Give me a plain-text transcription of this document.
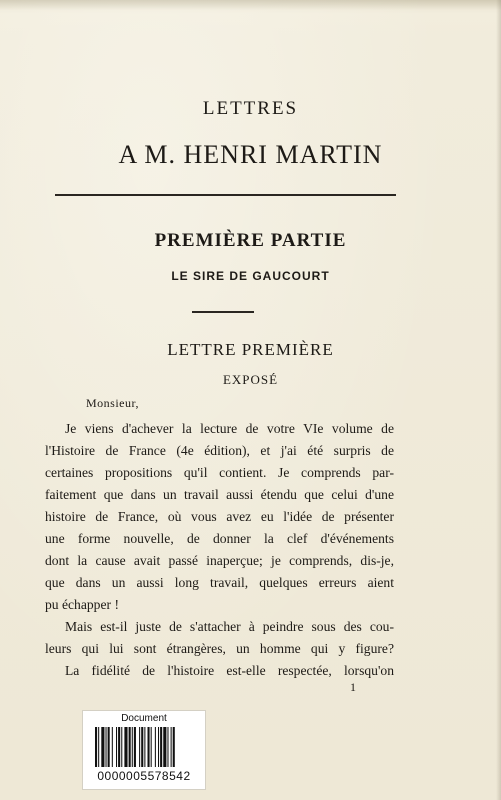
LETTRES
A M. HENRI MARTIN
PREMIÈRE PARTIE
LE SIRE DE GAUCOURT
LETTRE PREMIÈRE
EXPOSÉ
Monsieur,
Je viens d'achever la lecture de votre VIe volume de
l'Histoire de France (4e édition), et j'ai été surpris de
certaines propositions qu'il contient. Je comprends par-
faitement que dans un travail aussi étendu que celui d'une
histoire de France, où vous avez eu l'idée de présenter
une forme nouvelle, de donner la clef d'événements
dont la cause avait passé inaperçue; je comprends, dis-je,
que dans un aussi long travail, quelques erreurs aient
pu échapper !
Mais est-il juste de s'attacher à peindre sous des cou-
leurs qui lui sont étrangères, un homme qui y figure?
La fidélité de l'histoire est-elle respectée, lorsqu'on
1
Document
0000005578542
